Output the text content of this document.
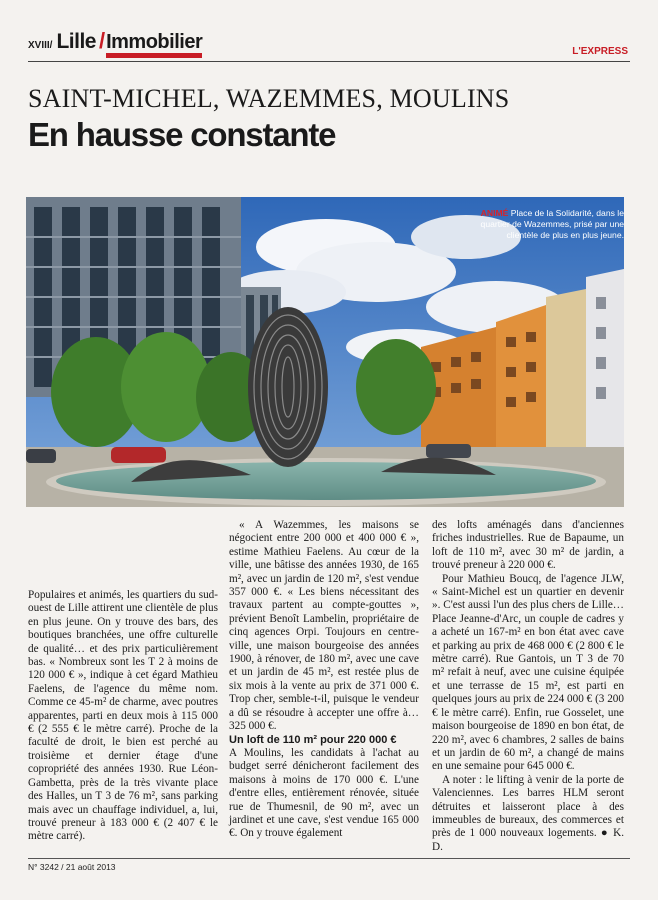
XVIII/ Lille / Immobilier	L'EXPRESS
SAINT-MICHEL, WAZEMMES, MOULINS
En hausse constante
ANIMÉ Place de la Solidarité, dans le quartier de Wazemmes, prisé par une clientèle de plus en plus jeune.

Populaires et animés, les quartiers du sud-ouest de Lille attirent une clientèle de plus en plus jeune. On y trouve des bars, des boutiques branchées, une offre culturelle de qualité… et des prix particulièrement bas. « Nombreux sont les T 2 à moins de 120 000 € », indique à cet égard Mathieu Faelens, de l'agence du même nom. Comme ce 45-m² de charme, avec poutres apparentes, parti en deux mois à 115 000 € (2 555 € le mètre carré). Proche de la faculté de droit, le bien est perché au troisième et dernier étage d'une copropriété des années 1930. Rue Léon-Gambetta, près de la très vivante place des Halles, un T 3 de 76 m², sans parking mais avec un chauffage individuel, a, lui, trouvé preneur à 183 000 € (2 407 € le mètre carré).

« A Wazemmes, les maisons se négocient entre 200 000 et 400 000 € », estime Mathieu Faelens. Au cœur de la ville, une bâtisse des années 1930, de 165 m², avec un jardin de 120 m², s'est vendue 357 000 €. « Les biens nécessitant des travaux partent au compte-gouttes », prévient Benoît Lambelin, propriétaire de cinq agences Orpi. Toujours en centre-ville, une maison bourgeoise des années 1900, à rénover, de 180 m², avec une cave et un jardin de 45 m², est restée plus de six mois à la vente au prix de 371 000 €. Trop cher, semble-t-il, puisque le vendeur a dû se résoudre à accepter une offre à… 325 000 €.

Un loft de 110 m² pour 220 000 €

A Moulins, les candidats à l'achat au budget serré dénicheront facilement des maisons à moins de 170 000 €. L'une d'entre elles, entièrement rénovée, située rue de Thumesnil, de 90 m², avec un jardinet et une cave, s'est vendue 165 000 €. On y trouve également

des lofts aménagés dans d'anciennes friches industrielles. Rue de Bapaume, un loft de 110 m², avec 30 m² de jardin, a trouvé preneur à 220 000 €.

Pour Mathieu Boucq, de l'agence JLW, « Saint-Michel est un quartier en devenir ». C'est aussi l'un des plus chers de Lille… Place Jeanne-d'Arc, un couple de cadres y a acheté un 167-m² en bon état avec cave et parking au prix de 468 000 € (2 800 € le mètre carré). Rue Gantois, un T 3 de 70 m² refait à neuf, avec une cuisine équipée et une terrasse de 15 m², est parti en quelques jours au prix de 224 000 € (3 200 € le mètre carré). Enfin, rue Gosselet, une maison bourgeoise de 1890 en bon état, de 220 m², avec 6 chambres, 2 salles de bains et un jardin de 60 m², a changé de mains en une semaine pour 645 000 €.

A noter : le lifting à venir de la porte de Valenciennes. Les barres HLM seront détruites et laisseront place à des immeubles de bureaux, des commerces et près de 1 000 nouveaux logements. ● K. D.

N° 3242 / 21 août 2013
